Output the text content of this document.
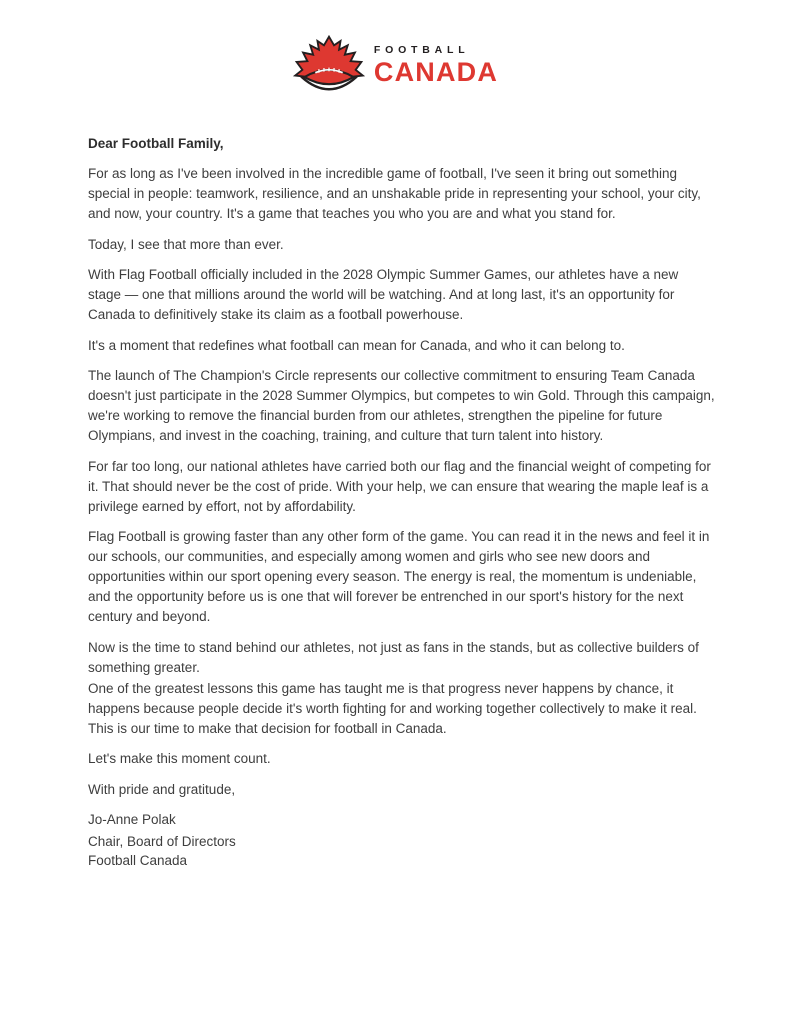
FOOTBALL
CANADA

Dear Football Family,

For as long as I've been involved in the incredible game of football, I've seen it bring out something special in people: teamwork, resilience, and an unshakable pride in representing your school, your city, and now, your country. It's a game that teaches you who you are and what you stand for.

Today, I see that more than ever.

With Flag Football officially included in the 2028 Olympic Summer Games, our athletes have a new stage — one that millions around the world will be watching. And at long last, it's an opportunity for Canada to definitively stake its claim as a football powerhouse.

It's a moment that redefines what football can mean for Canada, and who it can belong to.

The launch of The Champion's Circle represents our collective commitment to ensuring Team Canada doesn't just participate in the 2028 Summer Olympics, but competes to win Gold. Through this campaign, we're working to remove the financial burden from our athletes, strengthen the pipeline for future Olympians, and invest in the coaching, training, and culture that turn talent into history.

For far too long, our national athletes have carried both our flag and the financial weight of competing for it. That should never be the cost of pride. With your help, we can ensure that wearing the maple leaf is a privilege earned by effort, not by affordability.

Flag Football is growing faster than any other form of the game. You can read it in the news and feel it in our schools, our communities, and especially among women and girls who see new doors and opportunities within our sport opening every season. The energy is real, the momentum is undeniable, and the opportunity before us is one that will forever be entrenched in our sport's history for the next century and beyond.

Now is the time to stand behind our athletes, not just as fans in the stands, but as collective builders of something greater.

One of the greatest lessons this game has taught me is that progress never happens by chance, it happens because people decide it's worth fighting for and working together collectively to make it real. This is our time to make that decision for football in Canada.

Let's make this moment count.

With pride and gratitude,

Jo-Anne Polak

Chair, Board of Directors
Football Canada
